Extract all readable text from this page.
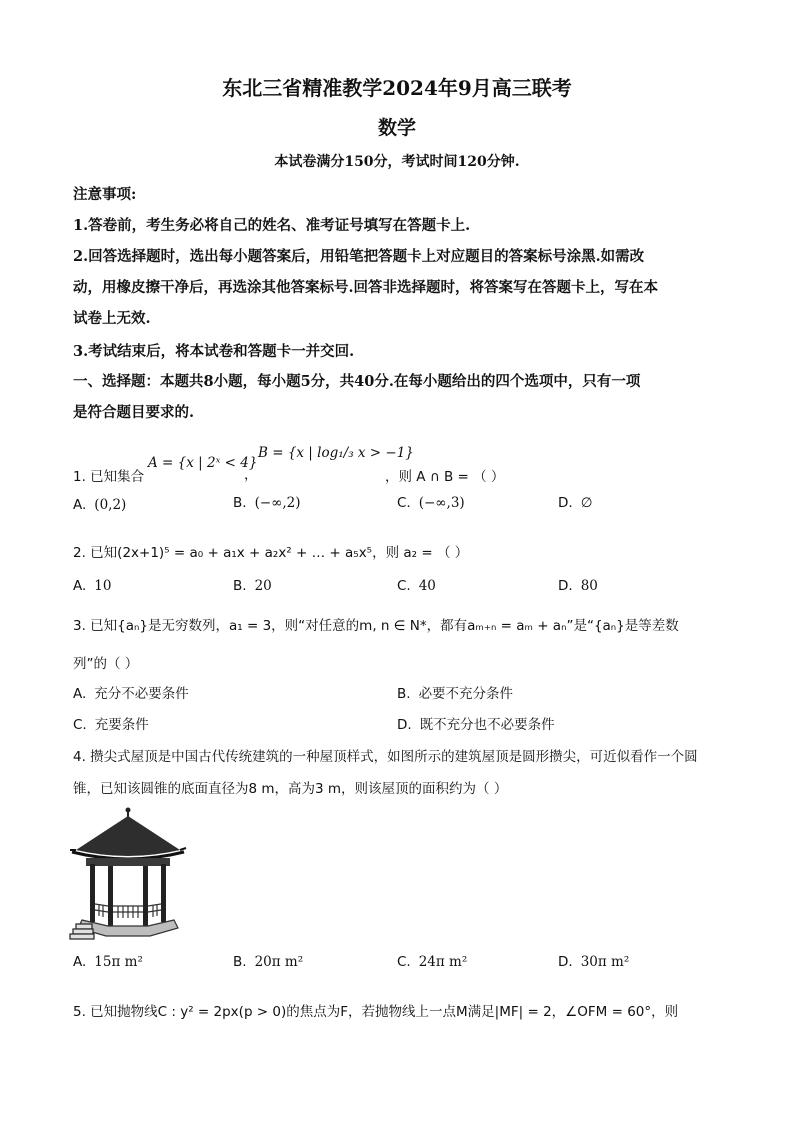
东北三省精准教学2024年9月高三联考
数学
本试卷满分150分，考试时间120分钟.
注意事项:
1.答卷前，考生务必将自己的姓名、准考证号填写在答题卡上.
2.回答选择题时，选出每小题答案后，用铅笔把答题卡上对应题目的答案标号涂黑.如需改
动，用橡皮擦干净后，再选涂其他答案标号.回答非选择题时，将答案写在答题卡上，写在本
试卷上无效.
3.考试结束后，将本试卷和答题卡一并交回.
一、选择题：本题共8小题，每小题5分，共40分.在每小题给出的四个选项中，只有一项
是符合题目要求的.
1. 已知集合
A = {x | 2ˣ < 4}
，
B = {x | log₁/₃ x > −1}
，则 A ∩ B = （ ）
A. (0,2)	B. (−∞,2)	C. (−∞,3)	D. ∅
2. 已知(2x+1)⁵ = a₀ + a₁x + a₂x² + … + a₅x⁵，则 a₂ = （ ）
A. 10	B. 20	C. 40	D. 80
3. 已知{aₙ}是无穷数列，a₁ = 3，则“对任意的m, n ∈ N*，都有aₘ₊ₙ = aₘ + aₙ”是“{aₙ}是等差数
列”的（ ）
A. 充分不必要条件	B. 必要不充分条件
C. 充要条件	D. 既不充分也不必要条件
4. 攒尖式屋顶是中国古代传统建筑的一种屋顶样式，如图所示的建筑屋顶是圆形攒尖，可近似看作一个圆
锥，已知该圆锥的底面直径为8 m，高为3 m，则该屋顶的面积约为（ ）
A. 15π m²	B. 20π m²	C. 24π m²	D. 30π m²
5. 已知抛物线C : y² = 2px(p > 0)的焦点为F，若抛物线上一点M满足|MF| = 2，∠OFM = 60°，则
